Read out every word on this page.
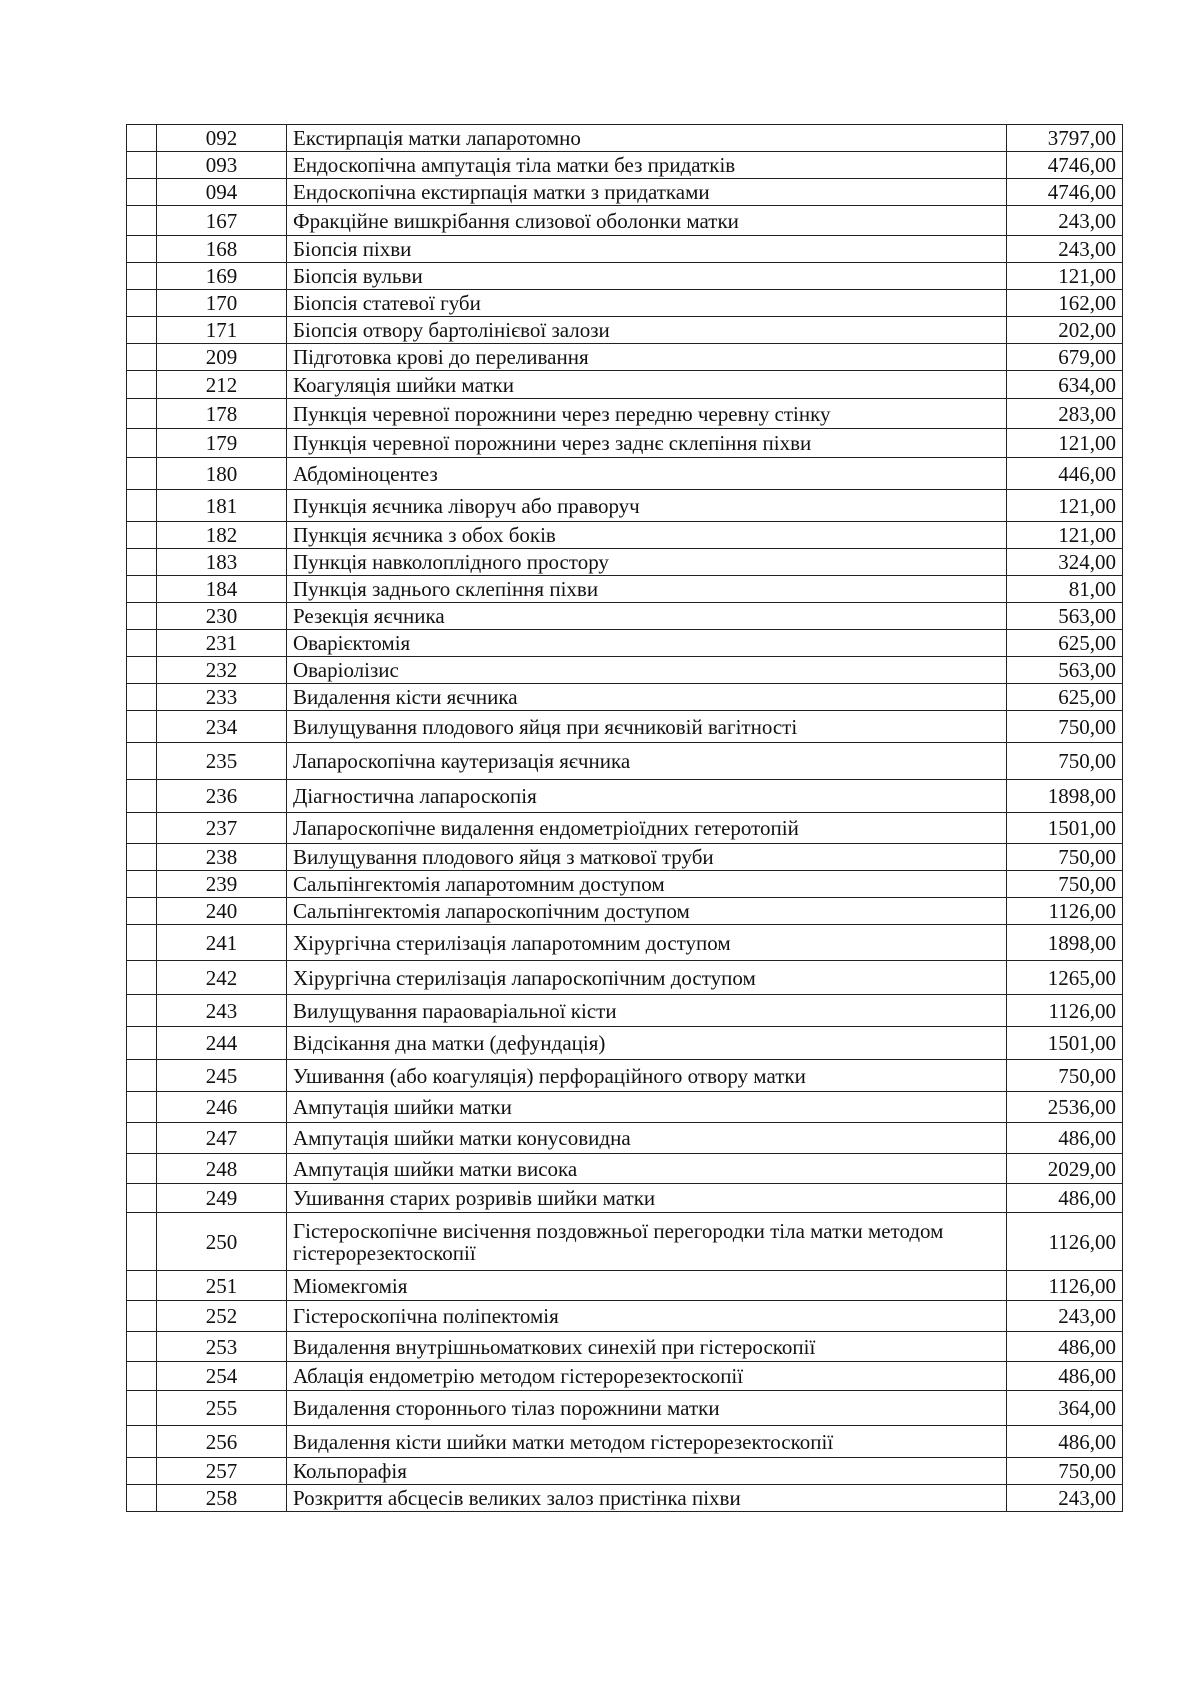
	092	Екстирпація матки лапаротомно	3797,00
	093	Ендоскопічна ампутація тіла матки без придатків	4746,00
	094	Ендоскопічна екстирпація матки з придатками	4746,00
	167	Фракційне вишкрібання слизової оболонки матки	243,00
	168	Біопсія піхви	243,00
	169	Біопсія вульви	121,00
	170	Біопсія статевої губи	162,00
	171	Біопсія отвору бартолінієвої залози	202,00
	209	Підготовка крові до переливання	679,00
	212	Коагуляція шийки матки	634,00
	178	Пункція черевної порожнини через передню черевну стінку	283,00
	179	Пункція черевної порожнини через заднє склепіння піхви	121,00
	180	Абдоміноцентез	446,00
	181	Пункція яєчника ліворуч або праворуч	121,00
	182	Пункція яєчника з обох боків	121,00
	183	Пункція навколоплідного простору	324,00
	184	Пункція заднього склепіння піхви	81,00
	230	Резекція яєчника	563,00
	231	Оварієктомія	625,00
	232	Оваріолізис	563,00
	233	Видалення кісти яєчника	625,00
	234	Вилущування плодового яйця при яєчниковій вагітності	750,00
	235	Лапароскопічна каутеризація яєчника	750,00
	236	Діагностична лапароскопія	1898,00
	237	Лапароскопічне видалення ендометріоїдних гетеротопій	1501,00
	238	Вилущування плодового яйця з маткової труби	750,00
	239	Сальпінгектомія лапаротомним доступом	750,00
	240	Сальпінгектомія лапароскопічним доступом	1126,00
	241	Хірургічна стерилізація лапаротомним доступом	1898,00
	242	Хірургічна стерилізація лапароскопічним доступом	1265,00
	243	Вилущування параоваріальної кісти	1126,00
	244	Відсікання дна матки (дефундація)	1501,00
	245	Ушивання (або коагуляція) перфораційного отвору матки	750,00
	246	Ампутація шийки матки	2536,00
	247	Ампутація шийки матки конусовидна	486,00
	248	Ампутація шийки матки висока	2029,00
	249	Ушивання старих розривів шийки матки	486,00
	250	Гістероскопічне висічення поздовжньої перегородки тіла матки методом гістерорезектоскопії	1126,00
	251	Міомекгомія	1126,00
	252	Гістероскопічна поліпектомія	243,00
	253	Видалення внутрішньоматкових синехій при гістероскопії	486,00
	254	Аблація ендометрію методом гістерорезектоскопії	486,00
	255	Видалення стороннього тілаз порожнини матки	364,00
	256	Видалення кісти шийки матки методом гістерорезектоскопії	486,00
	257	Кольпорафія	750,00
	258	Розкриття абсцесів великих залоз пристінка піхви	243,00
